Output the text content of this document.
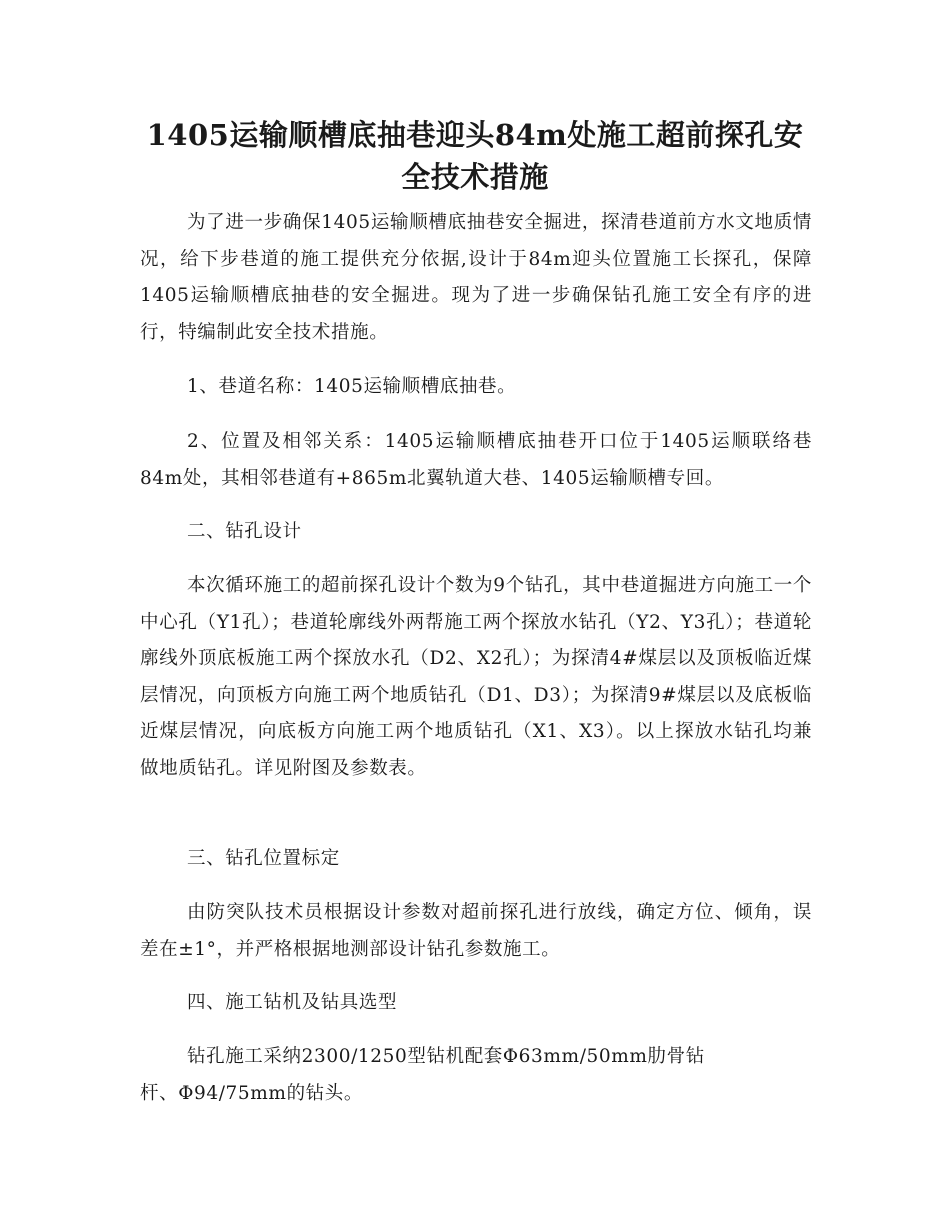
1405运输顺槽底抽巷迎头84m处施工超前探孔安
全技术措施

为了进一步确保1405运输顺槽底抽巷安全掘进，探清巷道前方水文地质情况，给下步巷道的施工提供充分依据,设计于84m迎头位置施工长探孔，保障1405运输顺槽底抽巷的安全掘进。现为了进一步确保钻孔施工安全有序的进行，特编制此安全技术措施。

1、巷道名称：1405运输顺槽底抽巷。

2、位置及相邻关系：1405运输顺槽底抽巷开口位于1405运顺联络巷84m处，其相邻巷道有+865m北翼轨道大巷、1405运输顺槽专回。

二、钻孔设计

本次循环施工的超前探孔设计个数为9个钻孔，其中巷道掘进方向施工一个中心孔（Y1孔）；巷道轮廓线外两帮施工两个探放水钻孔（Y2、Y3孔）；巷道轮廓线外顶底板施工两个探放水孔（D2、X2孔）；为探清4#煤层以及顶板临近煤层情况，向顶板方向施工两个地质钻孔（D1、D3）；为探清9#煤层以及底板临近煤层情况，向底板方向施工两个地质钻孔（X1、X3）。以上探放水钻孔均兼做地质钻孔。详见附图及参数表。

三、钻孔位置标定

由防突队技术员根据设计参数对超前探孔进行放线，确定方位、倾角，误差在±1°，并严格根据地测部设计钻孔参数施工。

四、施工钻机及钻具选型

钻孔施工采纳2300/1250型钻机配套Φ63mm/50mm肋骨钻
杆、Φ94/75mm的钻头。
